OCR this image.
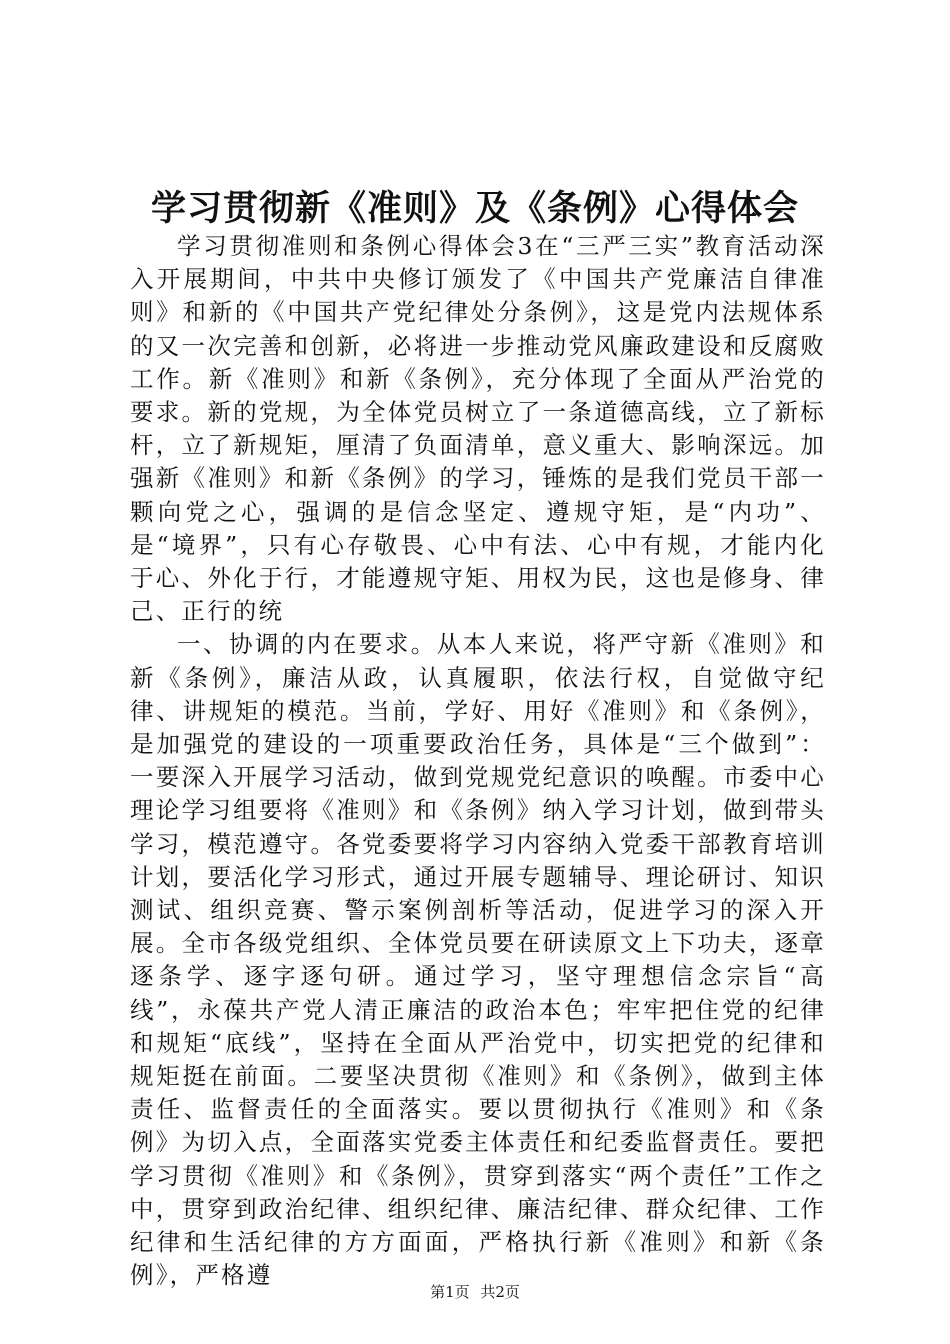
学习贯彻新《准则》及《条例》心得体会

学习贯彻准则和条例心得体会3在“三严三实”教育活动深入开展期间，中共中央修订颁发了《中国共产党廉洁自律准则》和新的《中国共产党纪律处分条例》，这是党内法规体系的又一次完善和创新，必将进一步推动党风廉政建设和反腐败工作。新《准则》和新《条例》，充分体现了全面从严治党的要求。新的党规，为全体党员树立了一条道德高线，立了新标杆，立了新规矩，厘清了负面清单，意义重大、影响深远。加强新《准则》和新《条例》的学习，锤炼的是我们党员干部一颗向党之心，强调的是信念坚定、遵规守矩，是“内功”、是“境界”，只有心存敬畏、心中有法、心中有规，才能内化于心、外化于行，才能遵规守矩、用权为民，这也是修身、律己、正行的统

一、协调的内在要求。从本人来说，将严守新《准则》和新《条例》，廉洁从政，认真履职，依法行权，自觉做守纪律、讲规矩的模范。当前，学好、用好《准则》和《条例》，是加强党的建设的一项重要政治任务，具体是“三个做到”：一要深入开展学习活动，做到党规党纪意识的唤醒。市委中心理论学习组要将《准则》和《条例》纳入学习计划，做到带头学习，模范遵守。各党委要将学习内容纳入党委干部教育培训计划，要活化学习形式，通过开展专题辅导、理论研讨、知识测试、组织竞赛、警示案例剖析等活动，促进学习的深入开展。全市各级党组织、全体党员要在研读原文上下功夫，逐章逐条学、逐字逐句研。通过学习，坚守理想信念宗旨“高线”，永葆共产党人清正廉洁的政治本色；牢牢把住党的纪律和规矩“底线”，坚持在全面从严治党中，切实把党的纪律和规矩挺在前面。二要坚决贯彻《准则》和《条例》，做到主体责任、监督责任的全面落实。要以贯彻执行《准则》和《条例》为切入点，全面落实党委主体责任和纪委监督责任。要把学习贯彻《准则》和《条例》，贯穿到落实“两个责任”工作之中，贯穿到政治纪律、组织纪律、廉洁纪律、群众纪律、工作纪律和生活纪律的方方面面，严格执行新《准则》和新《条例》，严格遵

第1页 共2页
